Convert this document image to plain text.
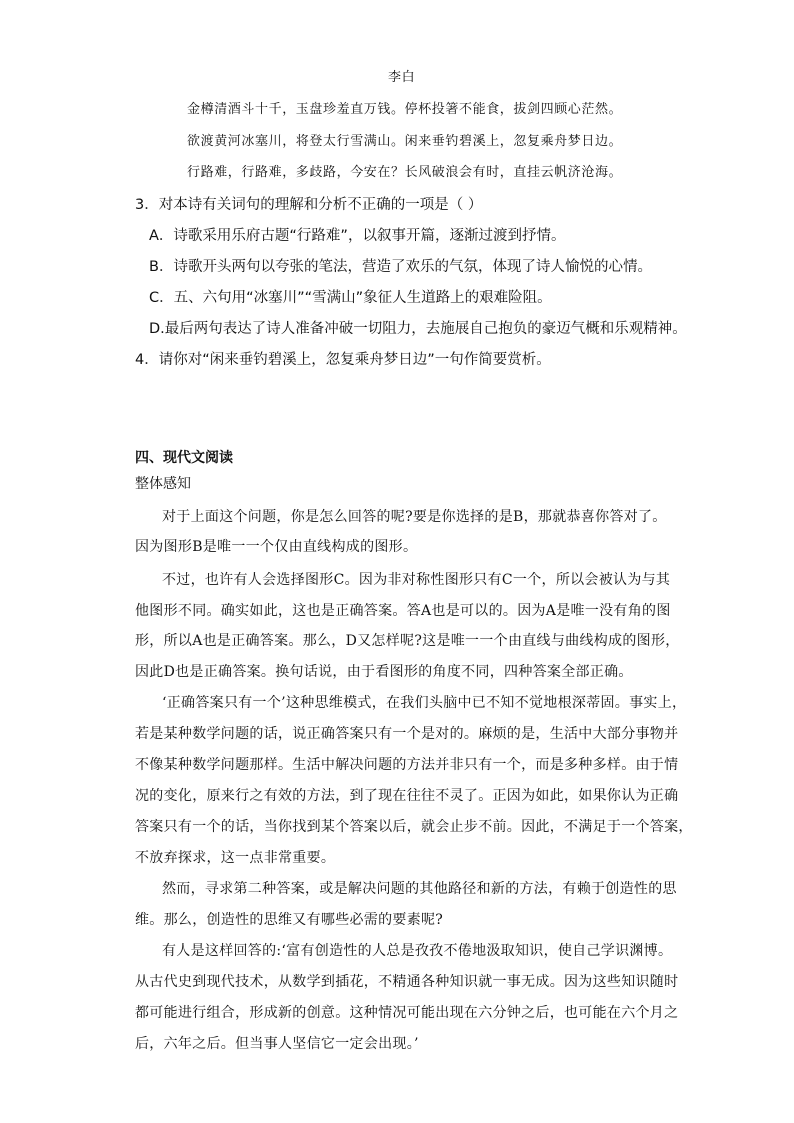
李白
金樽清酒斗十千，玉盘珍羞直万钱。停杯投箸不能食，拔剑四顾心茫然。
欲渡黄河冰塞川，将登太行雪满山。闲来垂钓碧溪上，忽复乘舟梦日边。
行路难，行路难，多歧路，今安在？长风破浪会有时，直挂云帆济沧海。
3．对本诗有关词句的理解和分析不正确的一项是（ ）
A．诗歌采用乐府古题“行路难”，以叙事开篇，逐渐过渡到抒情。
B．诗歌开头两句以夸张的笔法，营造了欢乐的气氛，体现了诗人愉悦的心情。
C．五、六句用“冰塞川”“雪满山”象征人生道路上的艰难险阻。
D.最后两句表达了诗人准备冲破一切阻力，去施展自己抱负的豪迈气概和乐观精神。
4．请你对“闲来垂钓碧溪上，忽复乘舟梦日边”一句作简要赏析。
四、现代文阅读
整体感知
对于上面这个问题，你是怎么回答的呢?要是你选择的是B，那就恭喜你答对了。
因为图形B是唯一一个仅由直线构成的图形。
不过，也许有人会选择图形C。因为非对称性图形只有C一个，所以会被认为与其
他图形不同。确实如此，这也是正确答案。答A也是可以的。因为A是唯一没有角的图
形，所以A也是正确答案。那么，D又怎样呢?这是唯一一个由直线与曲线构成的图形，
因此D也是正确答案。换句话说，由于看图形的角度不同，四种答案全部正确。
‘正确答案只有一个’这种思维模式，在我们头脑中已不知不觉地根深蒂固。事实上，
若是某种数学问题的话，说正确答案只有一个是对的。麻烦的是，生活中大部分事物并
不像某种数学问题那样。生活中解决问题的方法并非只有一个，而是多种多样。由于情
况的变化，原来行之有效的方法，到了现在往往不灵了。正因为如此，如果你认为正确
答案只有一个的话，当你找到某个答案以后，就会止步不前。因此，不满足于一个答案，
不放弃探求，这一点非常重要。
然而，寻求第二种答案，或是解决问题的其他路径和新的方法，有赖于创造性的思
维。那么，创造性的思维又有哪些必需的要素呢?
有人是这样回答的:‘富有创造性的人总是孜孜不倦地汲取知识，使自己学识渊博。
从古代史到现代技术，从数学到插花，不精通各种知识就一事无成。因为这些知识随时
都可能进行组合，形成新的创意。这种情况可能出现在六分钟之后，也可能在六个月之
后，六年之后。但当事人坚信它一定会出现。’
